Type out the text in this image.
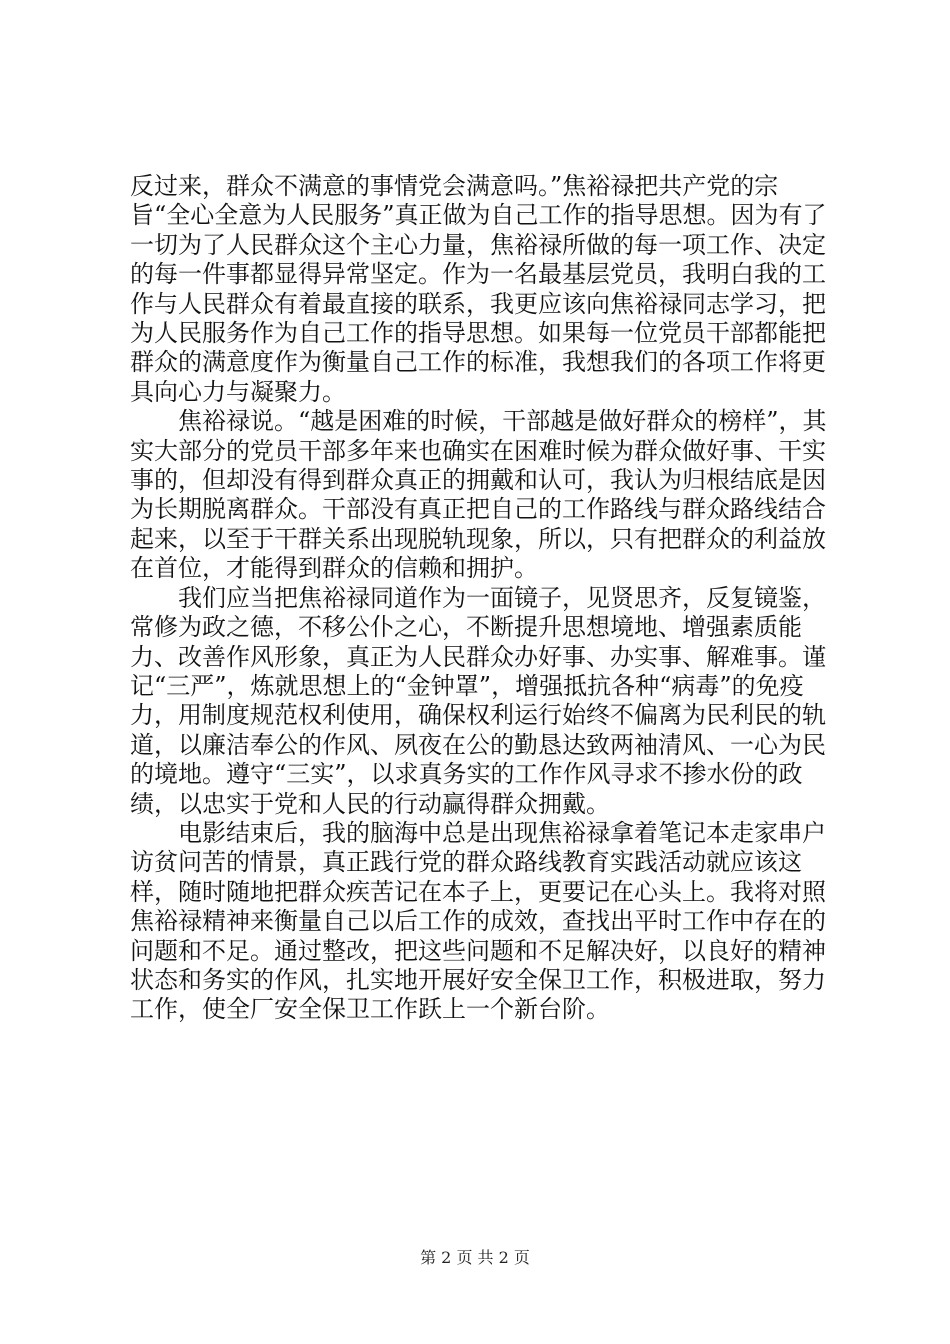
反过来，群众不满意的事情党会满意吗。”焦裕禄把共产党的宗旨“全心全意为人民服务”真正做为自己工作的指导思想。因为有了一切为了人民群众这个主心力量，焦裕禄所做的每一项工作、决定的每一件事都显得异常坚定。作为一名最基层党员，我明白我的工作与人民群众有着最直接的联系，我更应该向焦裕禄同志学习，把为人民服务作为自己工作的指导思想。如果每一位党员干部都能把群众的满意度作为衡量自己工作的标准，我想我们的各项工作将更具向心力与凝聚力。

焦裕禄说。“越是困难的时候，干部越是做好群众的榜样”，其实大部分的党员干部多年来也确实在困难时候为群众做好事、干实事的，但却没有得到群众真正的拥戴和认可，我认为归根结底是因为长期脱离群众。干部没有真正把自己的工作路线与群众路线结合起来，以至于干群关系出现脱轨现象，所以，只有把群众的利益放在首位，才能得到群众的信赖和拥护。

我们应当把焦裕禄同道作为一面镜子，见贤思齐，反复镜鉴，常修为政之德，不移公仆之心，不断提升思想境地、增强素质能力、改善作风形象，真正为人民群众办好事、办实事、解难事。谨记“三严”，炼就思想上的“金钟罩”，增强抵抗各种“病毒”的免疫力，用制度规范权利使用，确保权利运行始终不偏离为民利民的轨道，以廉洁奉公的作风、夙夜在公的勤恳达致两袖清风、一心为民的境地。遵守“三实”，以求真务实的工作作风寻求不掺水份的政绩，以忠实于党和人民的行动赢得群众拥戴。

电影结束后，我的脑海中总是出现焦裕禄拿着笔记本走家串户访贫问苦的情景，真正践行党的群众路线教育实践活动就应该这样，随时随地把群众疾苦记在本子上，更要记在心头上。我将对照焦裕禄精神来衡量自己以后工作的成效，查找出平时工作中存在的问题和不足。通过整改，把这些问题和不足解决好，以良好的精神状态和务实的作风，扎实地开展好安全保卫工作，积极进取，努力工作，使全厂安全保卫工作跃上一个新台阶。

第 2 页 共 2 页
